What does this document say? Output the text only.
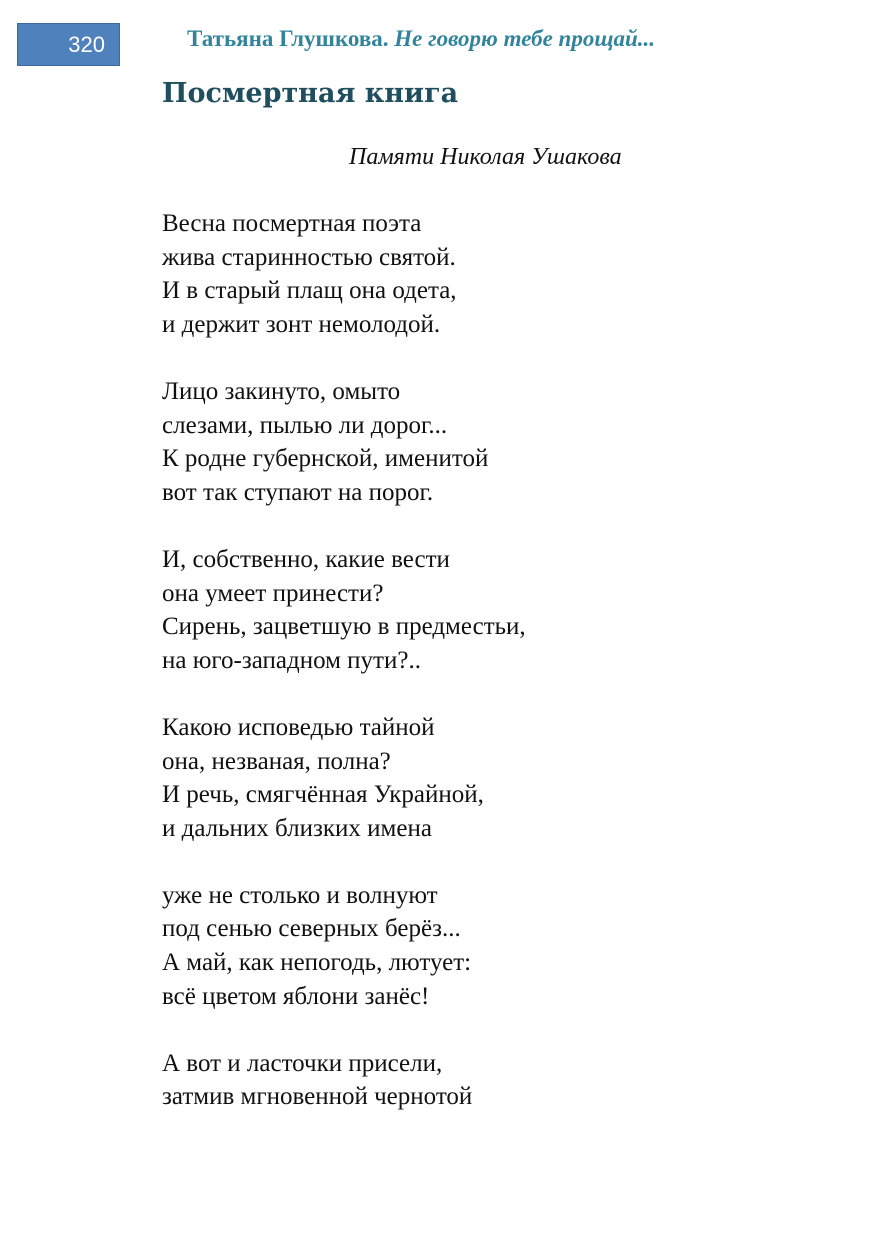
320	Татьяна Глушкова. Не говорю тебе прощай...
Посмертная книга
Памяти Николая Ушакова
Весна посмертная поэта
жива старинностью святой.
И в старый плащ она одета,
и держит зонт немолодой.
Лицо закинуто, омыто
слезами, пылью ли дорог...
К родне губернской, именитой
вот так ступают на порог.
И, собственно, какие вести
она умеет принести?
Сирень, зацветшую в предместьи,
на юго-западном пути?..
Какою исповедью тайной
она, незваная, полна?
И речь, смягчённая Украйной,
и дальних близких имена
уже не столько и волнуют
под сенью северных берёз...
А май, как непогодь, лютует:
всё цветом яблони занёс!
А вот и ласточки присели,
затмив мгновенной чернотой
